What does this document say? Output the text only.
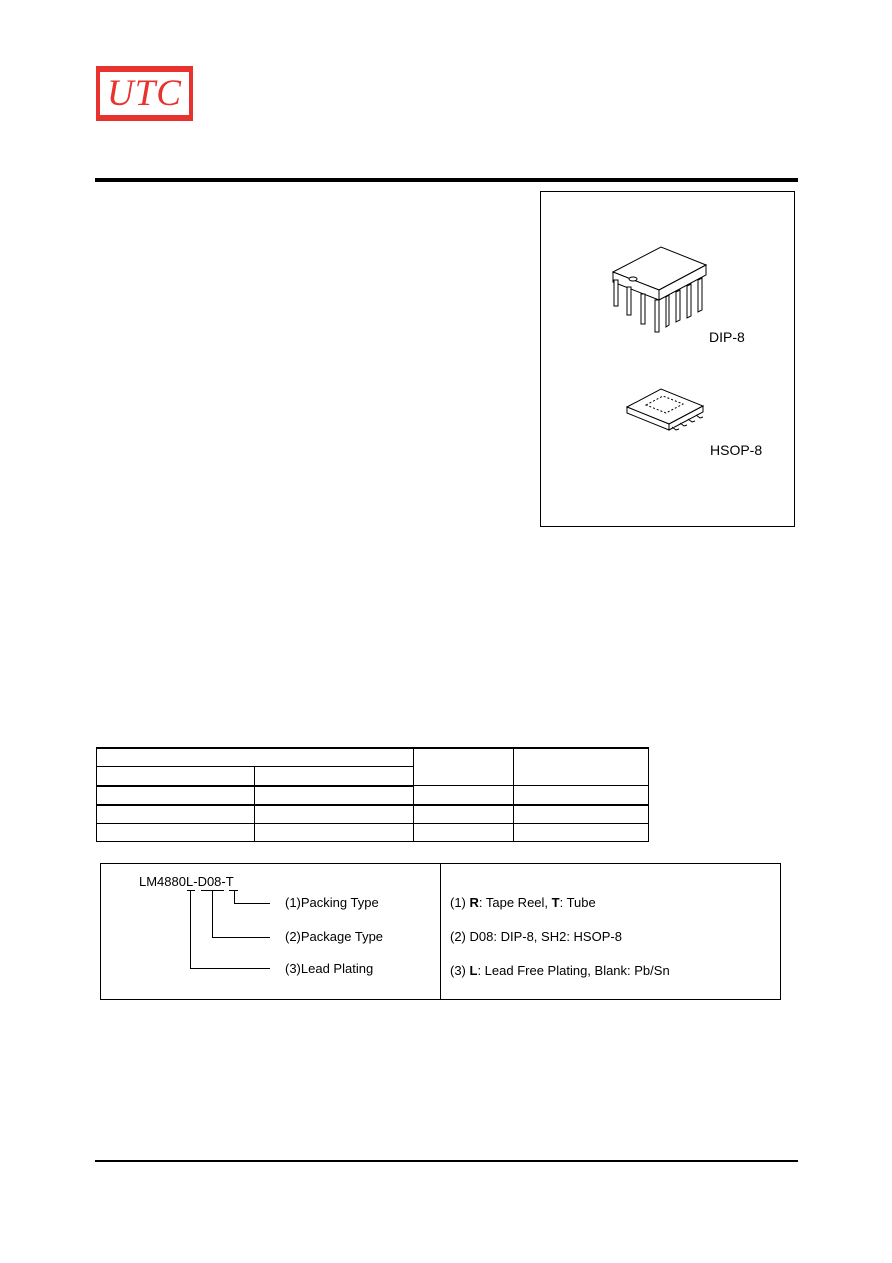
UTC
DIP-8
HSOP-8

LM4880L-D08-T
(1)Packing Type
(2)Package Type
(3)Lead Plating
(1) R: Tape Reel, T: Tube
(2) D08: DIP-8, SH2: HSOP-8
(3) L: Lead Free Plating, Blank: Pb/Sn
